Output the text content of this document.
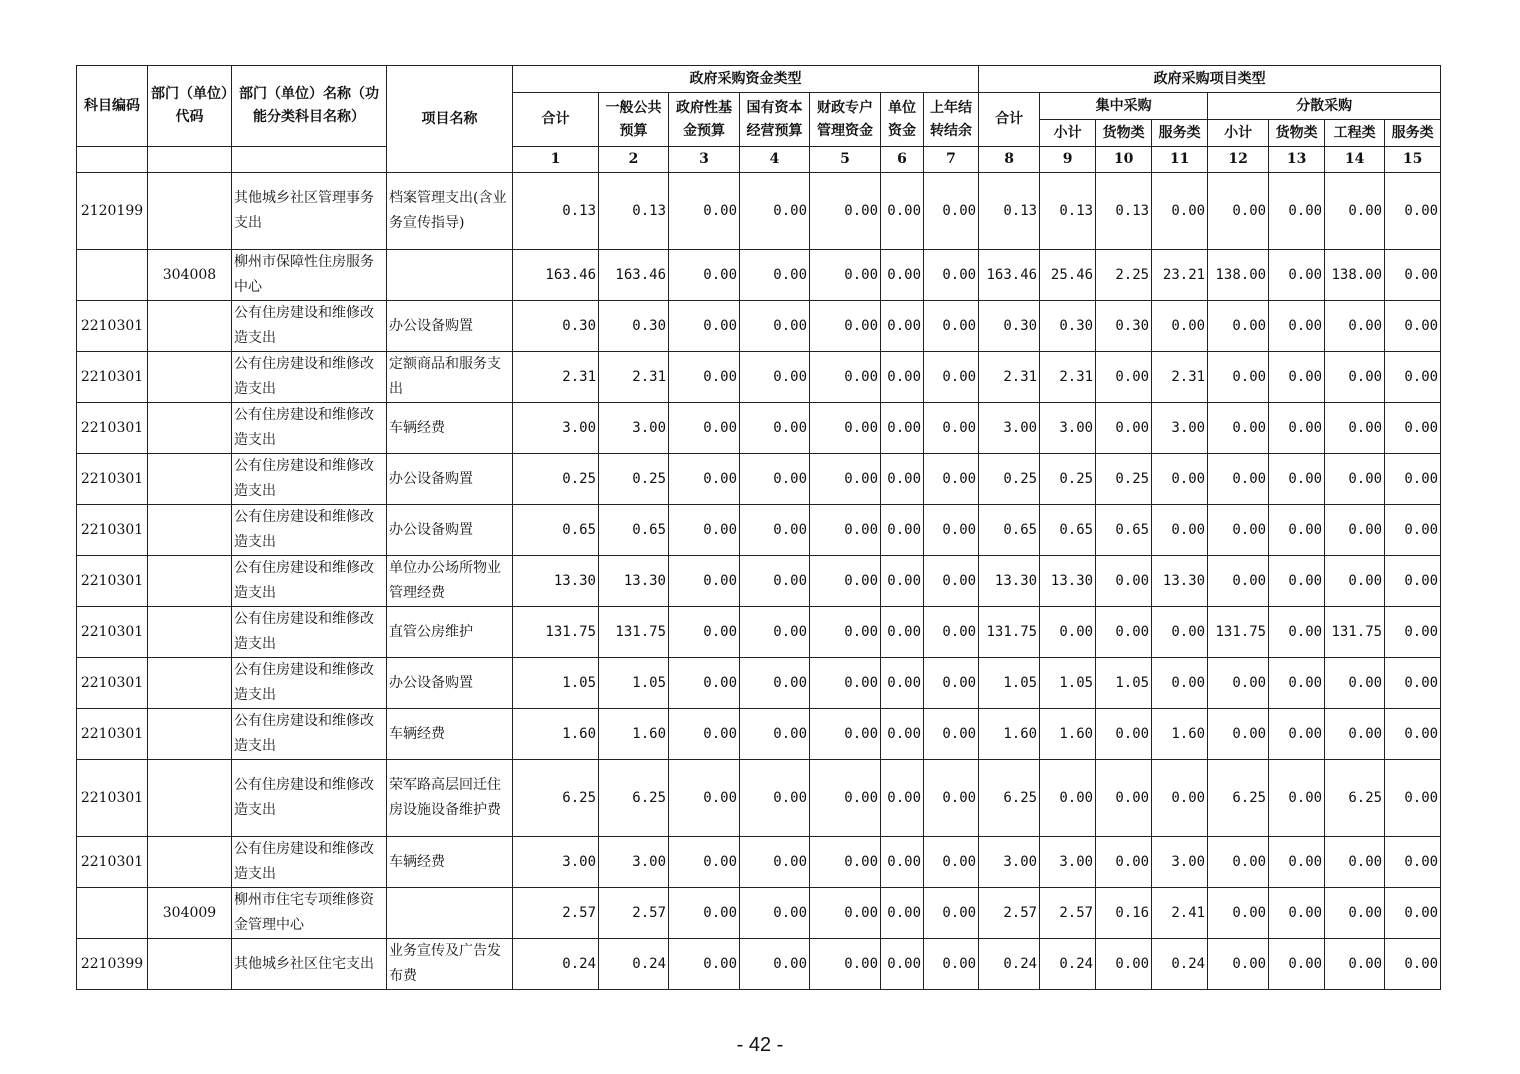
科目编码	部门（单位）代码	部门（单位）名称（功能分类科目名称）	项目名称	政府采购资金类型							政府采购项目类型							
				合计	一般公共预算	政府性基金预算	国有资本经营预算	财政专户管理资金	单位资金	上年结转结余	合计	集中采购			分散采购			
												小计	货物类	服务类	小计	货物类	工程类	服务类
				1	2	3	4	5	6	7	8	9	10	11	12	13	14	15
2120199		其他城乡社区管理事务支出	档案管理支出(含业务宣传指导)	0.13	0.13	0.00	0.00	0.00	0.00	0.00	0.13	0.13	0.13	0.00	0.00	0.00	0.00	0.00
	304008	柳州市保障性住房服务中心		163.46	163.46	0.00	0.00	0.00	0.00	0.00	163.46	25.46	2.25	23.21	138.00	0.00	138.00	0.00
2210301		公有住房建设和维修改造支出	办公设备购置	0.30	0.30	0.00	0.00	0.00	0.00	0.00	0.30	0.30	0.30	0.00	0.00	0.00	0.00	0.00
2210301		公有住房建设和维修改造支出	定额商品和服务支出	2.31	2.31	0.00	0.00	0.00	0.00	0.00	2.31	2.31	0.00	2.31	0.00	0.00	0.00	0.00
2210301		公有住房建设和维修改造支出	车辆经费	3.00	3.00	0.00	0.00	0.00	0.00	0.00	3.00	3.00	0.00	3.00	0.00	0.00	0.00	0.00
2210301		公有住房建设和维修改造支出	办公设备购置	0.25	0.25	0.00	0.00	0.00	0.00	0.00	0.25	0.25	0.25	0.00	0.00	0.00	0.00	0.00
2210301		公有住房建设和维修改造支出	办公设备购置	0.65	0.65	0.00	0.00	0.00	0.00	0.00	0.65	0.65	0.65	0.00	0.00	0.00	0.00	0.00
2210301		公有住房建设和维修改造支出	单位办公场所物业管理经费	13.30	13.30	0.00	0.00	0.00	0.00	0.00	13.30	13.30	0.00	13.30	0.00	0.00	0.00	0.00
2210301		公有住房建设和维修改造支出	直管公房维护	131.75	131.75	0.00	0.00	0.00	0.00	0.00	131.75	0.00	0.00	0.00	131.75	0.00	131.75	0.00
2210301		公有住房建设和维修改造支出	办公设备购置	1.05	1.05	0.00	0.00	0.00	0.00	0.00	1.05	1.05	1.05	0.00	0.00	0.00	0.00	0.00
2210301		公有住房建设和维修改造支出	车辆经费	1.60	1.60	0.00	0.00	0.00	0.00	0.00	1.60	1.60	0.00	1.60	0.00	0.00	0.00	0.00
2210301		公有住房建设和维修改造支出	荣军路高层回迁住房设施设备维护费	6.25	6.25	0.00	0.00	0.00	0.00	0.00	6.25	0.00	0.00	0.00	6.25	0.00	6.25	0.00
2210301		公有住房建设和维修改造支出	车辆经费	3.00	3.00	0.00	0.00	0.00	0.00	0.00	3.00	3.00	0.00	3.00	0.00	0.00	0.00	0.00
	304009	柳州市住宅专项维修资金管理中心		2.57	2.57	0.00	0.00	0.00	0.00	0.00	2.57	2.57	0.16	2.41	0.00	0.00	0.00	0.00
2210399		其他城乡社区住宅支出	业务宣传及广告发布费	0.24	0.24	0.00	0.00	0.00	0.00	0.00	0.24	0.24	0.00	0.24	0.00	0.00	0.00	0.00
- 42 -
